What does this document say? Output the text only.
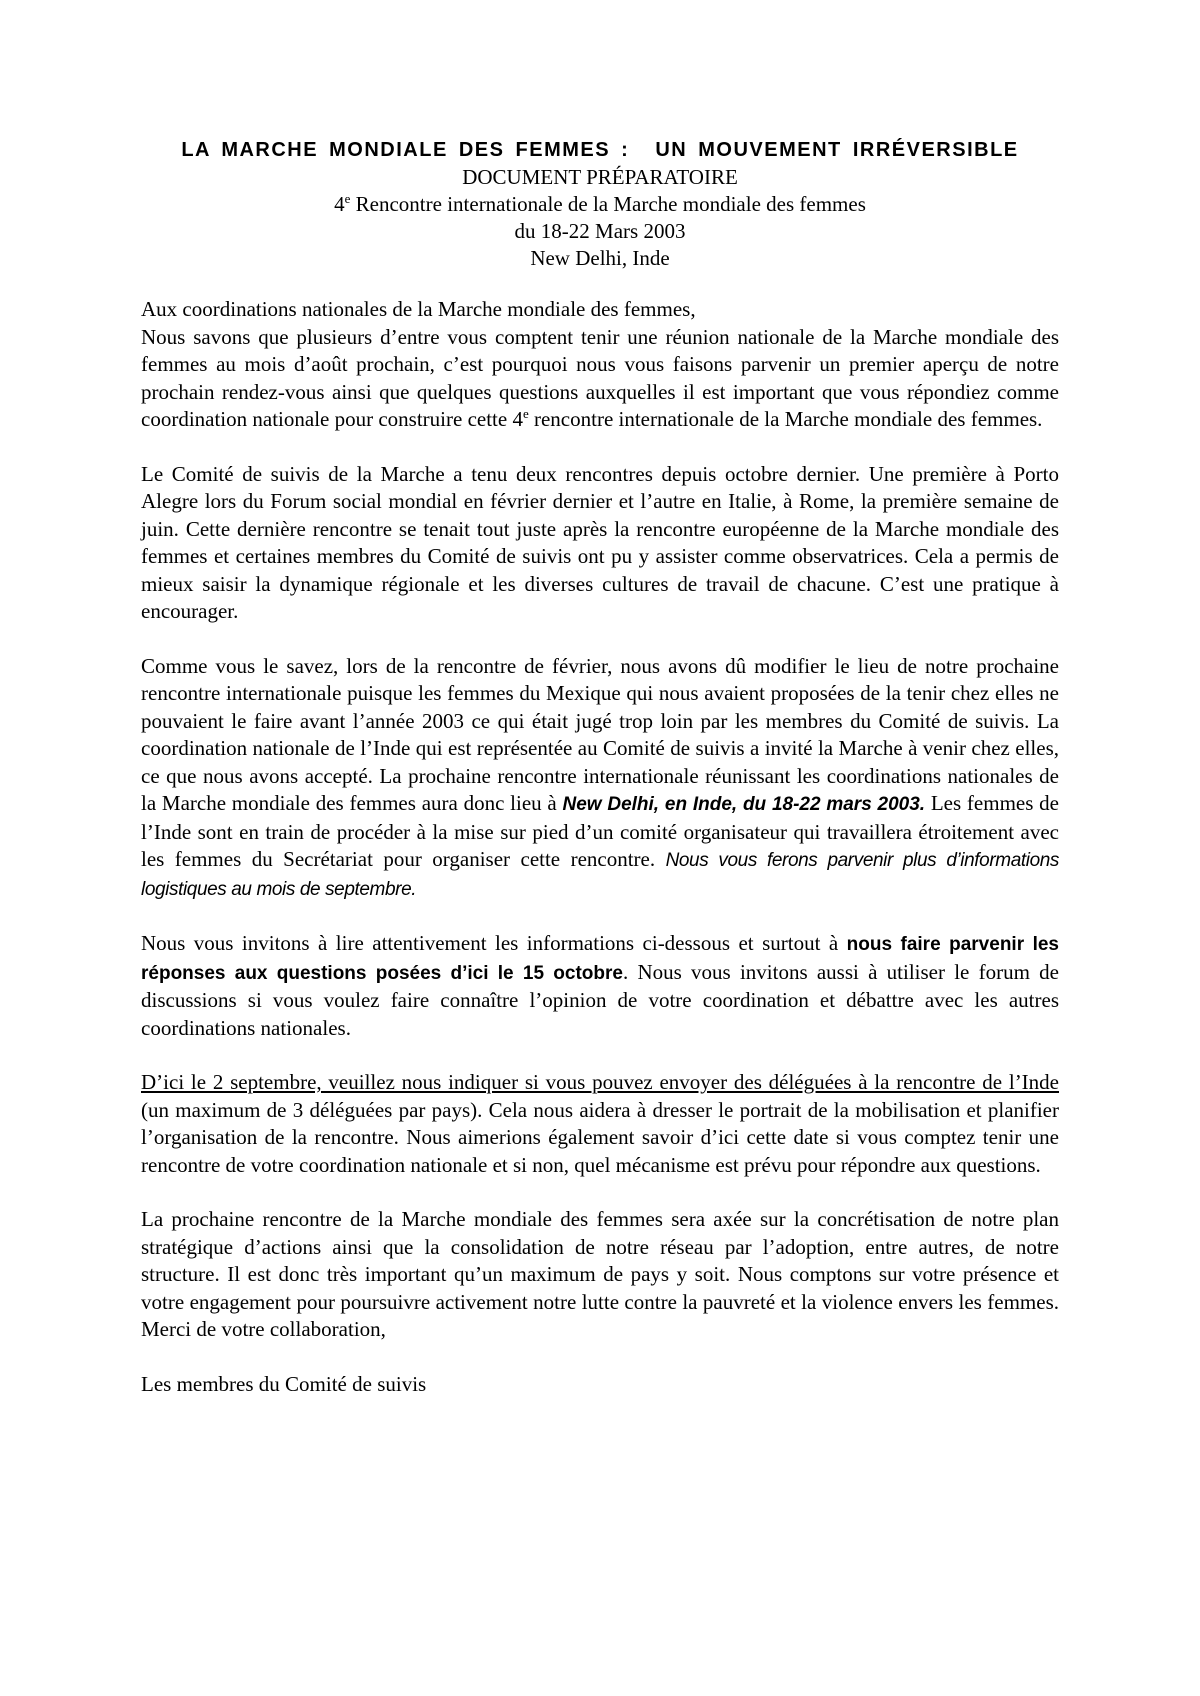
LA MARCHE MONDIALE DES FEMMES : UN MOUVEMENT IRRÉVERSIBLE
DOCUMENT PRÉPARATOIRE
4e Rencontre internationale de la Marche mondiale des femmes
du 18-22 Mars 2003
New Delhi, Inde

Aux coordinations nationales de la Marche mondiale des femmes,

Nous savons que plusieurs d’entre vous comptent tenir une réunion nationale de la Marche mondiale des femmes au mois d’août prochain, c’est pourquoi nous vous faisons parvenir un premier aperçu de notre prochain rendez-vous ainsi que quelques questions auxquelles il est important que vous répondiez comme coordination nationale pour construire cette 4e rencontre internationale de la Marche mondiale des femmes.

Le Comité de suivis de la Marche a tenu deux rencontres depuis octobre dernier. Une première à Porto Alegre lors du Forum social mondial en février dernier et l’autre en Italie, à Rome, la première semaine de juin. Cette dernière rencontre se tenait tout juste après la rencontre européenne de la Marche mondiale des femmes et certaines membres du Comité de suivis ont pu y assister comme observatrices. Cela a permis de mieux saisir la dynamique régionale et les diverses cultures de travail de chacune. C’est une pratique à encourager.

Comme vous le savez, lors de la rencontre de février, nous avons dû modifier le lieu de notre prochaine rencontre internationale puisque les femmes du Mexique qui nous avaient proposées de la tenir chez elles ne pouvaient le faire avant l’année 2003 ce qui était jugé trop loin par les membres du Comité de suivis. La coordination nationale de l’Inde qui est représentée au Comité de suivis a invité la Marche à venir chez elles, ce que nous avons accepté. La prochaine rencontre internationale réunissant les coordinations nationales de la Marche mondiale des femmes aura donc lieu à New Delhi, en Inde, du 18-22 mars 2003. Les femmes de l’Inde sont en train de procéder à la mise sur pied d’un comité organisateur qui travaillera étroitement avec les femmes du Secrétariat pour organiser cette rencontre. Nous vous ferons parvenir plus d’informations logistiques au mois de septembre.

Nous vous invitons à lire attentivement les informations ci-dessous et surtout à nous faire parvenir les réponses aux questions posées d’ici le 15 octobre. Nous vous invitons aussi à utiliser le forum de discussions si vous voulez faire connaître l’opinion de votre coordination et débattre avec les autres coordinations nationales.

D’ici le 2 septembre, veuillez nous indiquer si vous pouvez envoyer des déléguées à la rencontre de l’Inde (un maximum de 3 déléguées par pays). Cela nous aidera à dresser le portrait de la mobilisation et planifier l’organisation de la rencontre. Nous aimerions également savoir d’ici cette date si vous comptez tenir une rencontre de votre coordination nationale et si non, quel mécanisme est prévu pour répondre aux questions.

La prochaine rencontre de la Marche mondiale des femmes sera axée sur la concrétisation de notre plan stratégique d’actions ainsi que la consolidation de notre réseau par l’adoption, entre autres, de notre structure. Il est donc très important qu’un maximum de pays y soit. Nous comptons sur votre présence et votre engagement pour poursuivre activement notre lutte contre la pauvreté et la violence envers les femmes. Merci de votre collaboration,

Les membres du Comité de suivis
